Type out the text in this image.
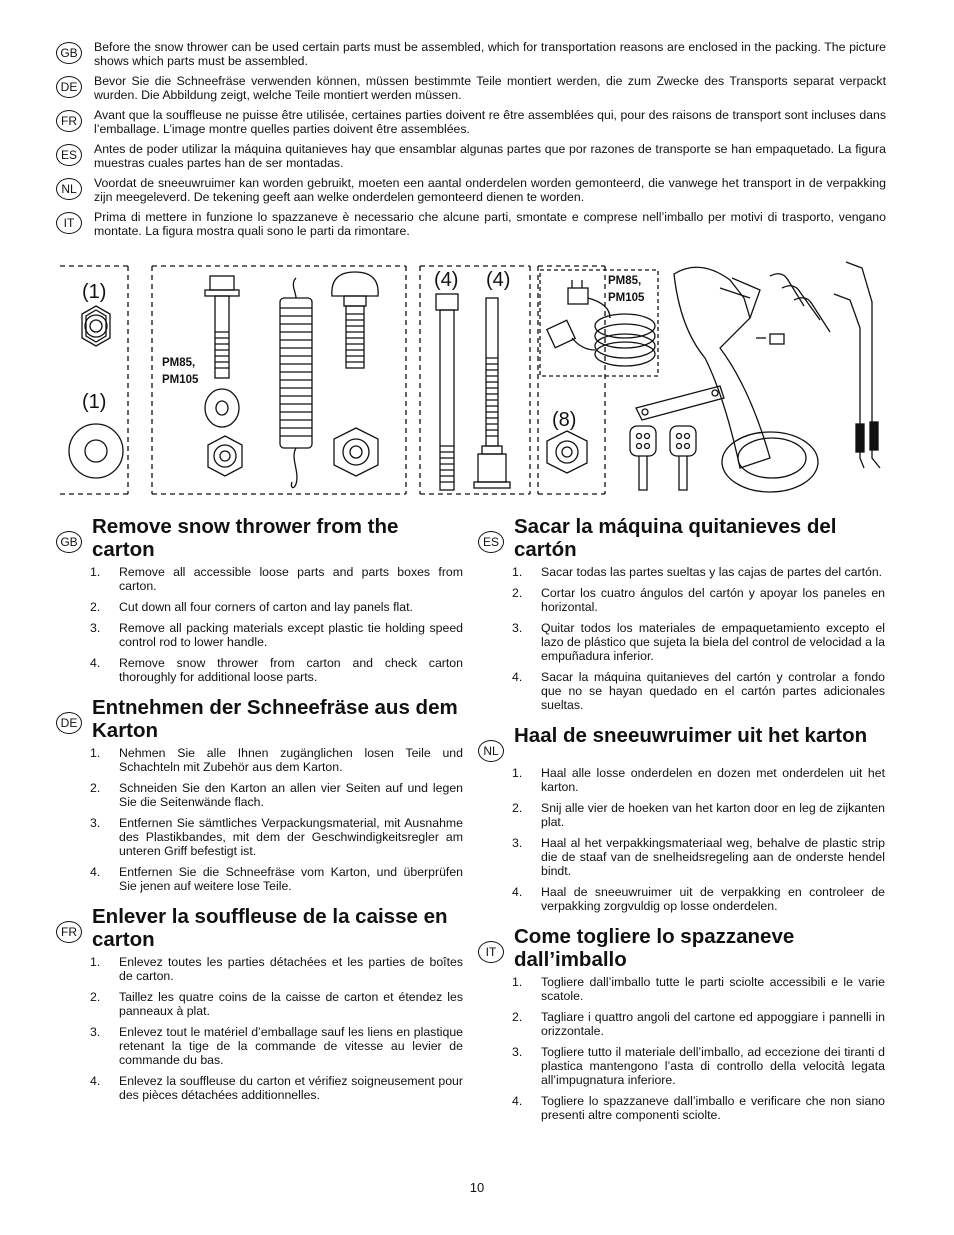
GB	Before the snow thrower can be used certain parts must be assembled, which for transportation reasons are enclosed in the packing. The picture shows which parts must be assembled.
DE	Bevor Sie die Schneefräse verwenden können, müssen bestimmte Teile montiert werden, die zum Zwecke des Transports separat verpackt wurden. Die Abbildung zeigt, welche Teile montiert werden müssen.
FR	Avant que la souffleuse ne puisse être utilisée, certaines parties doivent re être assemblées qui, pour des raisons de transport sont incluses dans l’emballage. L’image montre quelles parties doivent être assemblées.
ES	Antes de poder utilizar la máquina quitanieves hay que ensamblar algunas partes que por razones de transporte se han empaquetado. La figura muestras cuales partes han de ser montadas.
NL	Voordat de sneeuwruimer kan worden gebruikt, moeten een aantal onderdelen worden gemonteerd, die vanwege het transport in de verpakking zijn meegeleverd. De tekening geeft aan welke onderdelen gemonteerd dienen te worden.
IT	Prima di mettere in funzione lo spazzaneve è necessario che alcune parti, smontate e comprese nell’imballo per motivi di trasporto, vengano montate. La figura mostra quali sono le parti da rimontare.
(1)
(1)
(4) (4)
(8)
PM85,
PM105
PM85,
PM105
GB
Remove snow thrower from the carton
1.	Remove all accessible loose parts and parts boxes from carton.
2.	Cut down all four corners of carton and lay panels flat.
3.	Remove all packing materials except plastic tie holding speed control rod to lower handle.
4.	Remove snow thrower from carton and check carton thoroughly for additional loose parts.
DE
Entnehmen der Schneefräse aus dem Karton
1.	Nehmen Sie alle Ihnen zugänglichen losen Teile und Schachteln mit Zubehör aus dem Karton.
2.	Schneiden Sie den Karton an allen vier Seiten auf und legen Sie die Seitenwände flach.
3.	Entfernen Sie sämtliches Verpackungsmaterial, mit Ausnahme des Plastikbandes, mit dem der Geschwindigkeitsregler am unteren Griff befestigt ist.
4.	Entfernen Sie die Schneefräse vom Karton, und überprüfen Sie jenen auf weitere lose Teile.
FR
Enlever la souffleuse de la caisse en carton
1.	Enlevez toutes les parties détachées et les parties de boîtes de carton.
2.	Taillez les quatre coins de la caisse de carton et étendez les panneaux à plat.
3.	Enlevez tout le matériel d’emballage sauf les liens en plastique retenant la tige de la commande de vitesse au levier de commande du bas.
4.	Enlevez la souffleuse du carton et vérifiez soigneusement pour des pièces détachées additionnelles.
ES
Sacar la máquina quitanieves del cartón
1.	Sacar todas las partes sueltas y las cajas de partes del cartón.
2.	Cortar los cuatro ángulos del cartón y apoyar los paneles en horizontal.
3.	Quitar todos los materiales de empaquetamiento excepto el lazo de plástico que sujeta la biela del control de velocidad a la empuñadura inferior.
4.	Sacar la máquina quitanieves del cartón y controlar a fondo que no se hayan quedado en el cartón partes adicionales sueltas.
NL
Haal de sneeuwruimer uit het karton
1.	Haal alle losse onderdelen en dozen met onderdelen uit het karton.
2.	Snij alle vier de hoeken van het karton door en leg de zijkanten plat.
3.	Haal al het verpakkingsmateriaal weg, behalve de plastic strip die de staaf van de snelheidsregeling aan de onderste hendel bindt.
4.	Haal de sneeuwruimer uit de verpakking en controleer de verpakking zorgvuldig op losse onderdelen.
IT
Come togliere lo spazzaneve dall’imballo
1.	Togliere dall’imballo tutte le parti sciolte accessibili e le varie scatole.
2.	Tagliare i quattro angoli del cartone ed appoggiare i pannelli in orizzontale.
3.	Togliere tutto il materiale dell’imballo, ad eccezione dei tiranti d plastica mantengono l’asta di controllo della velocità legata all’impugnatura inferiore.
4.	Togliere lo spazzaneve dall’imballo e verificare che non siano presenti altre componenti sciolte.
10
